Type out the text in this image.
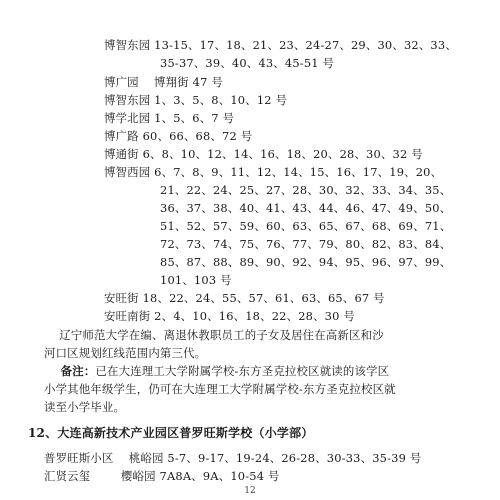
博智东园 13-15、17、18、21、23、24-27、29、30、32、33、
35-37、39、40、43、45-51 号
博广园    博翔街 47 号
博智东园 1、3、5、8、10、12 号
博学北园 1、5、6、7 号
博广路 60、66、68、72 号
博通街 6、8、10、12、14、16、18、20、28、30、32 号
博智西园 6、7、8、9、11、12、14、15、16、17、19、20、
21、22、24、25、27、28、30、32、33、34、35、
36、37、38、40、41、43、44、46、47、49、50、
51、52、57、59、60、63、65、67、68、69、71、
72、73、74、75、76、77、79、80、82、83、84、
85、87、88、89、90、92、94、95、96、97、99、
101、103 号
安旺街 18、22、24、55、57、61、63、65、67 号
安旺南街 2、4、10、16、18、22、28、30 号
辽宁师范大学在编、离退休教职员工的子女及居住在高新区和沙
河口区规划红线范围内第三代。
备注：已在大连理工大学附属学校-东方圣克拉校区就读的该学区
小学其他年级学生，仍可在大连理工大学附属学校-东方圣克拉校区就
读至小学毕业。
12、大连高新技术产业园区普罗旺斯学校（小学部）
普罗旺斯小区    桃峪园 5-7、9-17、19-24、26-28、30-33、35-39 号
汇贤云玺        樱峪园 7A8A、9A、10-54 号
12
